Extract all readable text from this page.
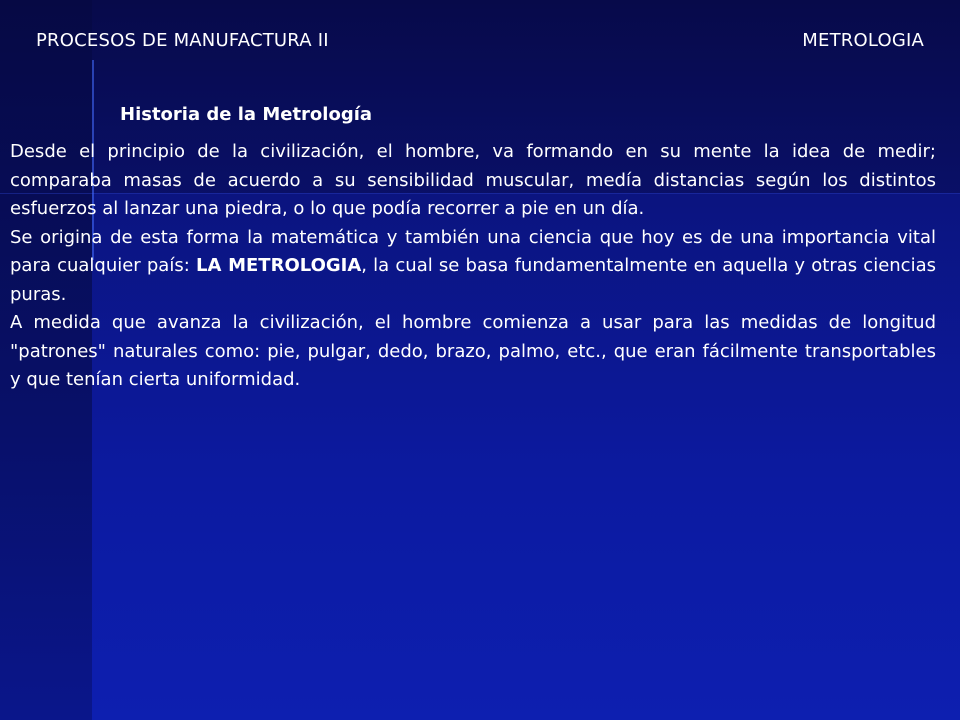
PROCESOS DE MANUFACTURA II	METROLOGIA
Historia de la Metrología

Desde el principio de la civilización, el hombre, va formando en su mente la idea de medir; comparaba masas de acuerdo a su sensibilidad muscular, medía distancias según los distintos esfuerzos al lanzar una piedra, o lo que podía recorrer a pie en un día.

Se origina de esta forma la matemática y también una ciencia que hoy es de una importancia vital para cualquier país: LA METROLOGIA, la cual se basa fundamentalmente en aquella y otras ciencias puras.

A medida que avanza la civilización, el hombre comienza a usar para las medidas de longitud "patrones" naturales como: pie, pulgar, dedo, brazo, palmo, etc., que eran fácilmente transportables y que tenían cierta uniformidad.
